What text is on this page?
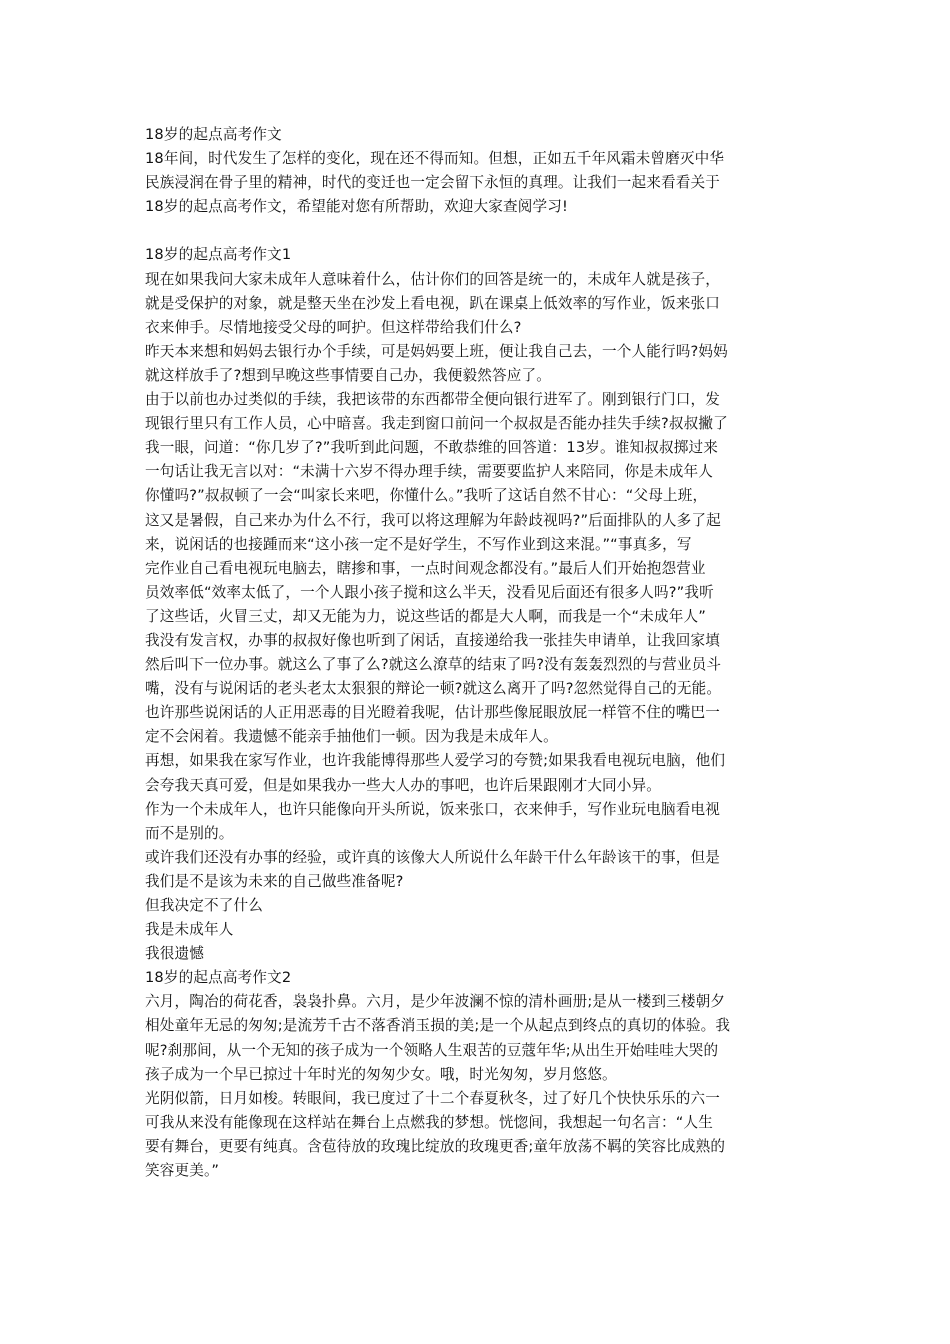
18岁的起点高考作文
18年间，时代发生了怎样的变化，现在还不得而知。但想，正如五千年风霜未曾磨灭中华
民族浸润在骨子里的精神，时代的变迁也一定会留下永恒的真理。让我们一起来看看关于
18岁的起点高考作文，希望能对您有所帮助，欢迎大家查阅学习!
18岁的起点高考作文1
现在如果我问大家未成年人意味着什么，估计你们的回答是统一的，未成年人就是孩子，
就是受保护的对象，就是整天坐在沙发上看电视，趴在课桌上低效率的写作业，饭来张口
衣来伸手。尽情地接受父母的呵护。但这样带给我们什么?
昨天本来想和妈妈去银行办个手续，可是妈妈要上班，便让我自己去，一个人能行吗?妈妈
就这样放手了?想到早晚这些事情要自己办，我便毅然答应了。
由于以前也办过类似的手续，我把该带的东西都带全便向银行进军了。刚到银行门口，发
现银行里只有工作人员，心中暗喜。我走到窗口前问一个叔叔是否能办挂失手续?叔叔撇了
我一眼，问道：“你几岁了?”我听到此问题，不敢恭维的回答道：13岁。谁知叔叔掷过来
一句话让我无言以对：“未满十六岁不得办理手续，需要要监护人来陪同，你是未成年人
你懂吗?”叔叔顿了一会“叫家长来吧，你懂什么。”我听了这话自然不甘心：“父母上班，
这又是暑假，自己来办为什么不行，我可以将这理解为年龄歧视吗?”后面排队的人多了起
来，说闲话的也接踵而来“这小孩一定不是好学生，不写作业到这来混。”“事真多，写
完作业自己看电视玩电脑去，瞎掺和事，一点时间观念都没有。”最后人们开始抱怨营业
员效率低“效率太低了，一个人跟小孩子搅和这么半天，没看见后面还有很多人吗?”我听
了这些话，火冒三丈，却又无能为力，说这些话的都是大人啊，而我是一个“未成年人”
我没有发言权，办事的叔叔好像也听到了闲话，直接递给我一张挂失申请单，让我回家填
然后叫下一位办事。就这么了事了么?就这么潦草的结束了吗?没有轰轰烈烈的与营业员斗
嘴，没有与说闲话的老头老太太狠狠的辩论一顿?就这么离开了吗?忽然觉得自己的无能。
也许那些说闲话的人正用恶毒的目光瞪着我呢，估计那些像屁眼放屁一样管不住的嘴巴一
定不会闲着。我遗憾不能亲手抽他们一顿。因为我是未成年人。
再想，如果我在家写作业，也许我能博得那些人爱学习的夸赞;如果我看电视玩电脑，他们
会夸我天真可爱，但是如果我办一些大人办的事吧，也许后果跟刚才大同小异。
作为一个未成年人，也许只能像向开头所说，饭来张口，衣来伸手，写作业玩电脑看电视
而不是别的。
或许我们还没有办事的经验，或许真的该像大人所说什么年龄干什么年龄该干的事，但是
我们是不是该为未来的自己做些准备呢?
但我决定不了什么
我是未成年人
我很遗憾
18岁的起点高考作文2
六月，陶冶的荷花香，袅袅扑鼻。六月，是少年波澜不惊的清朴画册;是从一楼到三楼朝夕
相处童年无忌的匆匆;是流芳千古不落香消玉损的美;是一个从起点到终点的真切的体验。我
呢?刹那间，从一个无知的孩子成为一个领略人生艰苦的豆蔻年华;从出生开始哇哇大哭的
孩子成为一个早已掠过十年时光的匆匆少女。哦，时光匆匆，岁月悠悠。
光阴似箭，日月如梭。转眼间，我已度过了十二个春夏秋冬，过了好几个快快乐乐的六一
可我从来没有能像现在这样站在舞台上点燃我的梦想。恍惚间，我想起一句名言：“人生
要有舞台，更要有纯真。含苞待放的玫瑰比绽放的玫瑰更香;童年放荡不羁的笑容比成熟的
笑容更美。”
